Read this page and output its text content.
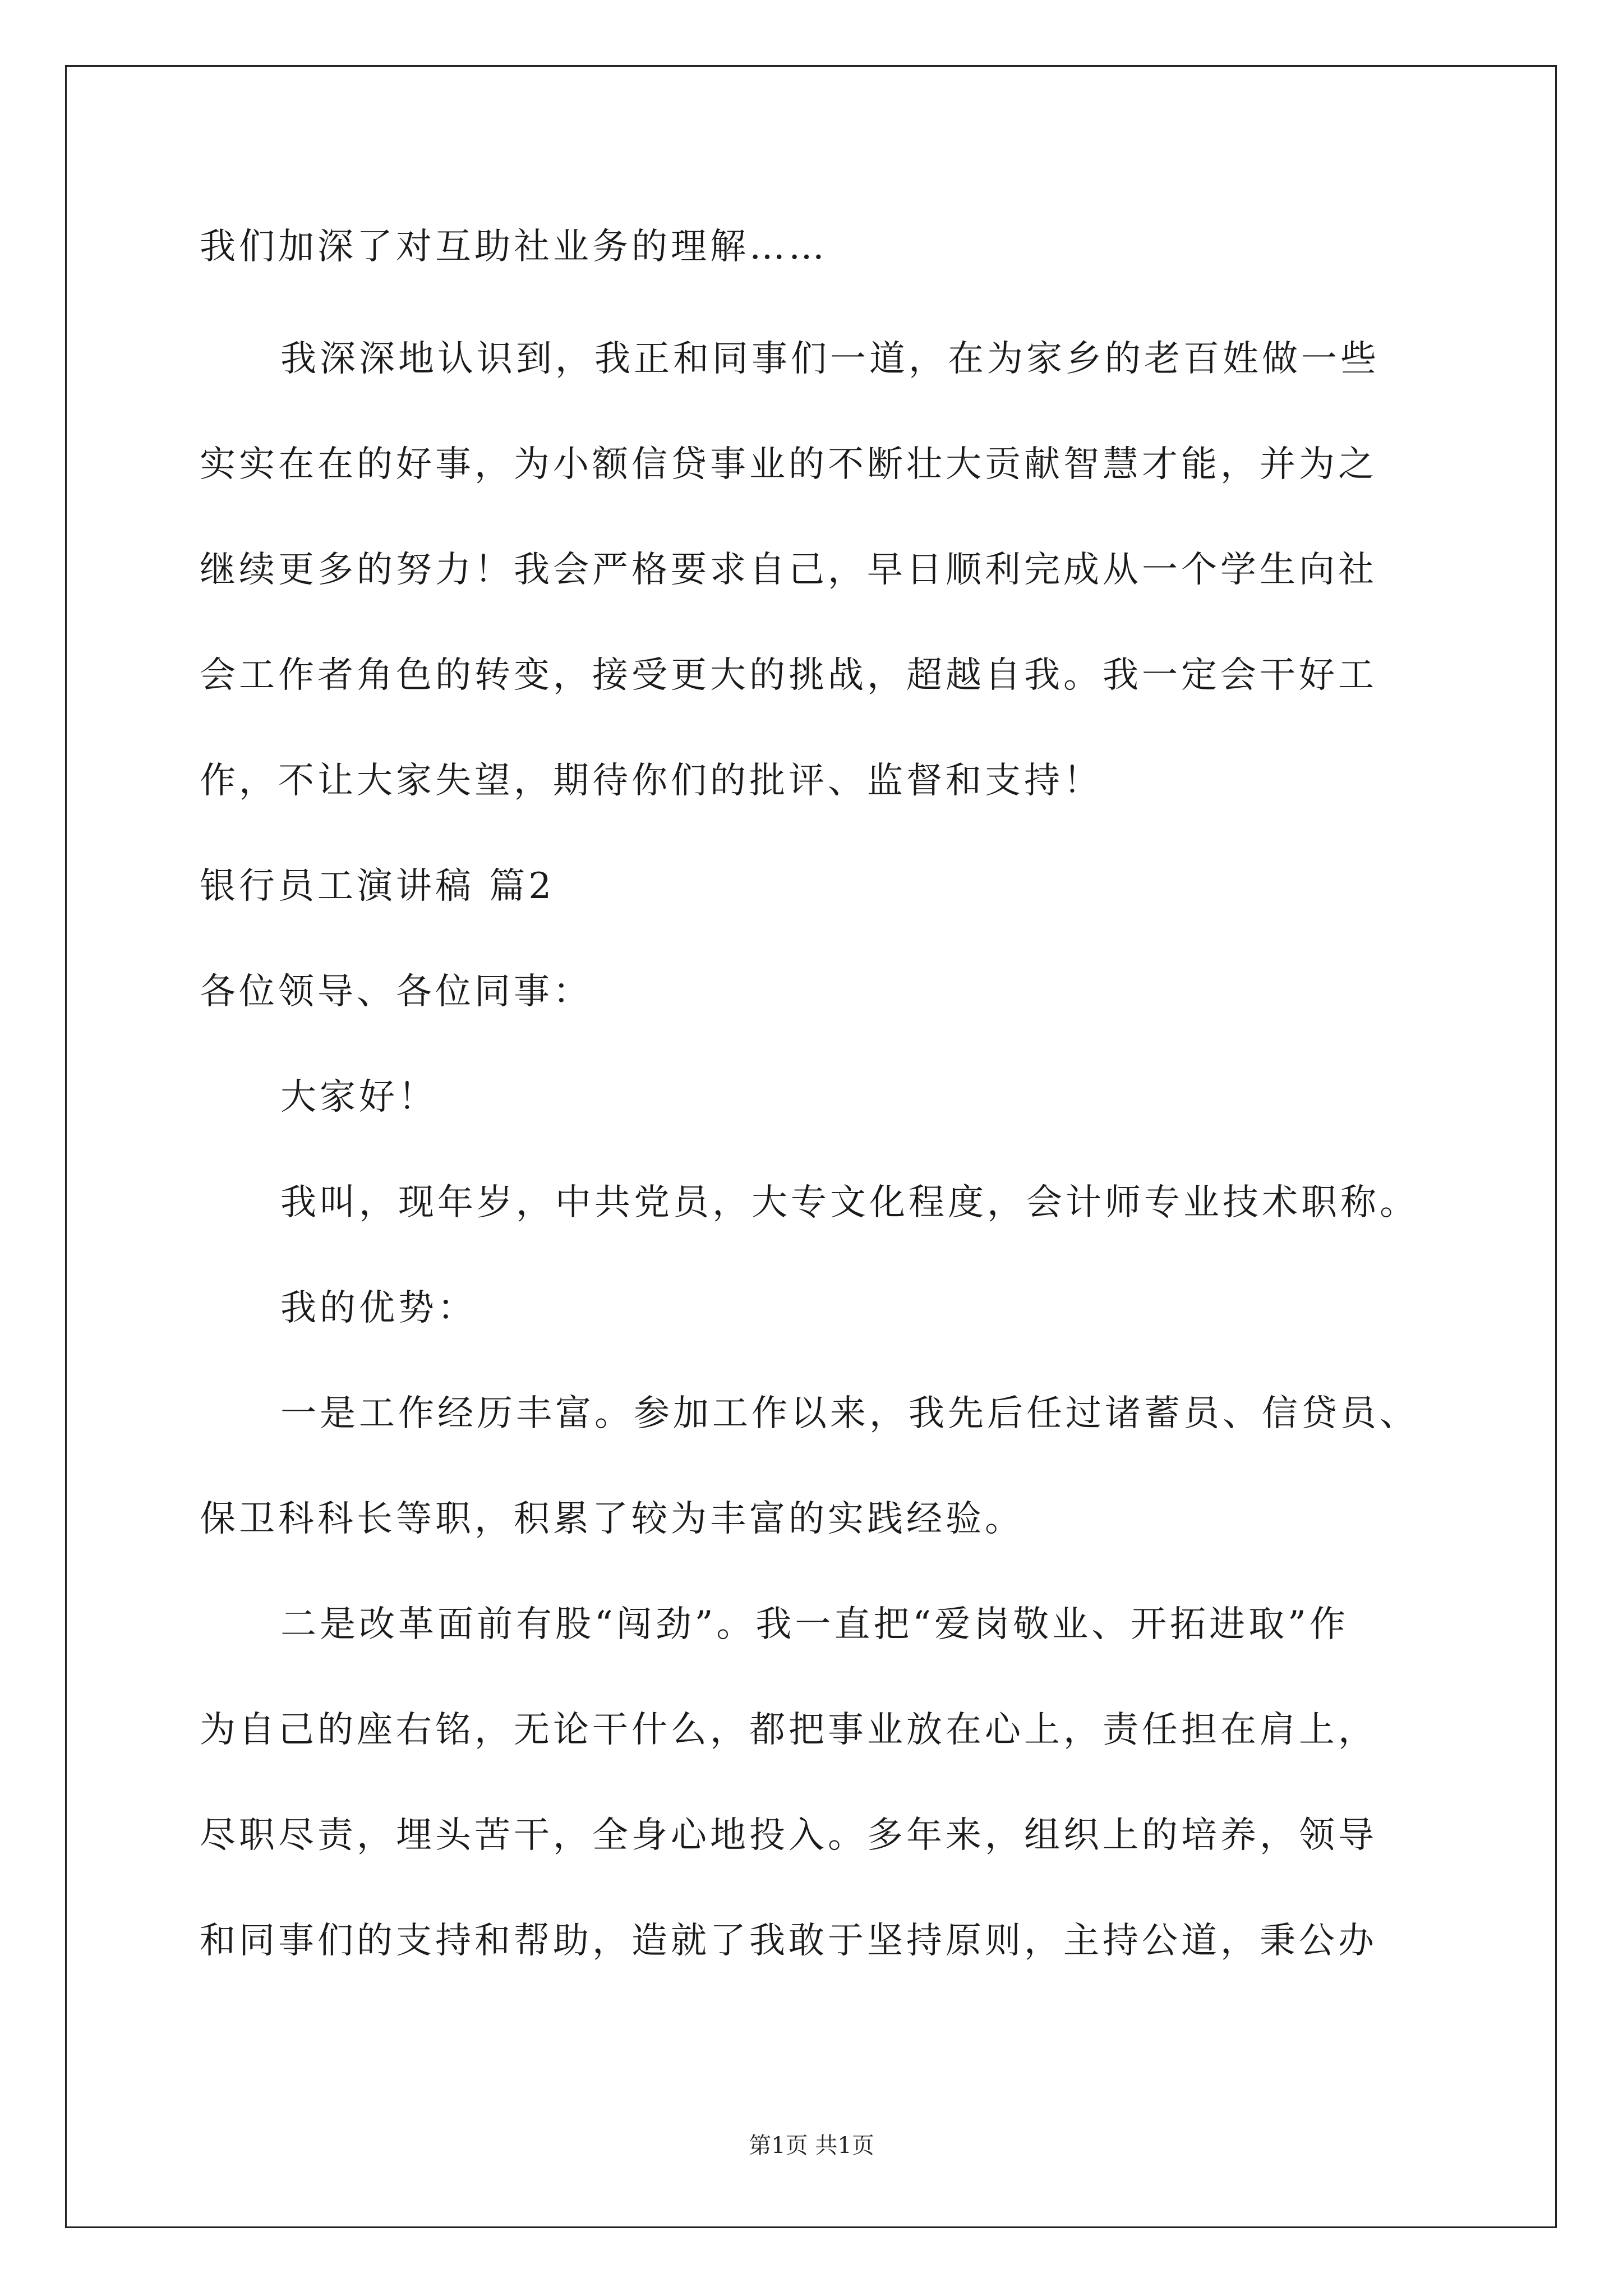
我们加深了对互助社业务的理解……
我深深地认识到，我正和同事们一道，在为家乡的老百姓做一些
实实在在的好事，为小额信贷事业的不断壮大贡献智慧才能，并为之
继续更多的努力！我会严格要求自己，早日顺利完成从一个学生向社
会工作者角色的转变，接受更大的挑战，超越自我。我一定会干好工
作，不让大家失望，期待你们的批评、监督和支持！
银行员工演讲稿 篇2
各位领导、各位同事：
大家好！
我叫，现年岁，中共党员，大专文化程度，会计师专业技术职称。
我的优势：
一是工作经历丰富。参加工作以来，我先后任过诸蓄员、信贷员、
保卫科科长等职，积累了较为丰富的实践经验。
二是改革面前有股“闯劲”。我一直把“爱岗敬业、开拓进取”作
为自己的座右铭，无论干什么，都把事业放在心上，责任担在肩上，
尽职尽责，埋头苦干，全身心地投入。多年来，组织上的培养，领导
和同事们的支持和帮助，造就了我敢于坚持原则，主持公道，秉公办
第1页 共1页
